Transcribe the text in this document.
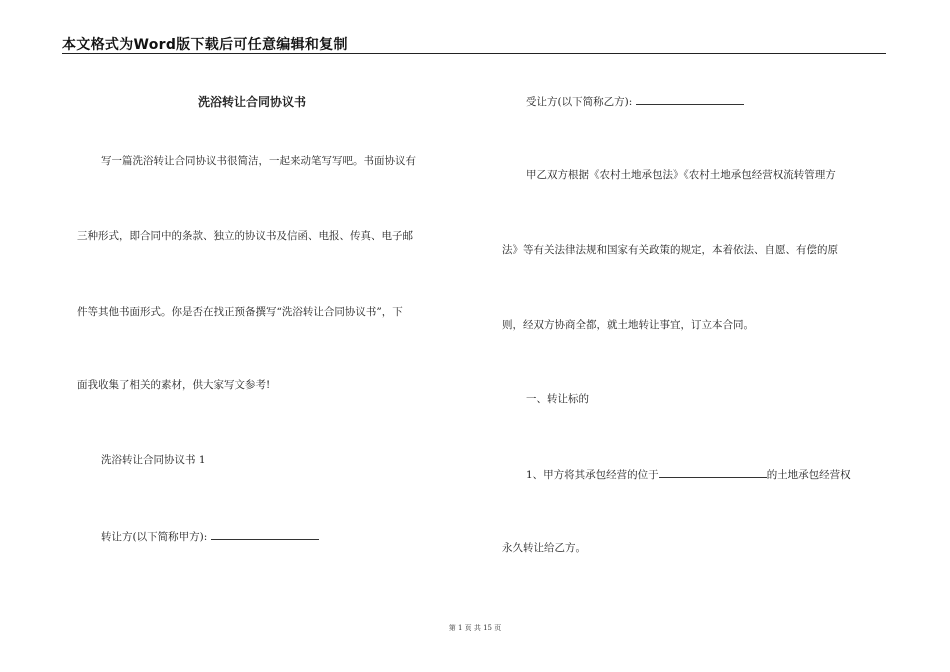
本文格式为Word版下载后可任意编辑和复制
洗浴转让合同协议书
写一篇洗浴转让合同协议书很简洁，一起来动笔写写吧。书面协议有
三种形式，即合同中的条款、独立的协议书及信函、电报、传真、电子邮
件等其他书面形式。你是否在找正预备撰写“洗浴转让合同协议书”，下
面我收集了相关的素材，供大家写文参考!
洗浴转让合同协议书 1
转让方(以下简称甲方):
受让方(以下简称乙方):
甲乙双方根据《农村土地承包法》《农村土地承包经营权流转管理方
法》等有关法律法规和国家有关政策的规定，本着依法、自愿、有偿的原
则，经双方协商全都，就土地转让事宜，订立本合同。
一、转让标的
1、甲方将其承包经营的位于	的土地承包经营权
永久转让给乙方。
第 1 页 共 15 页
